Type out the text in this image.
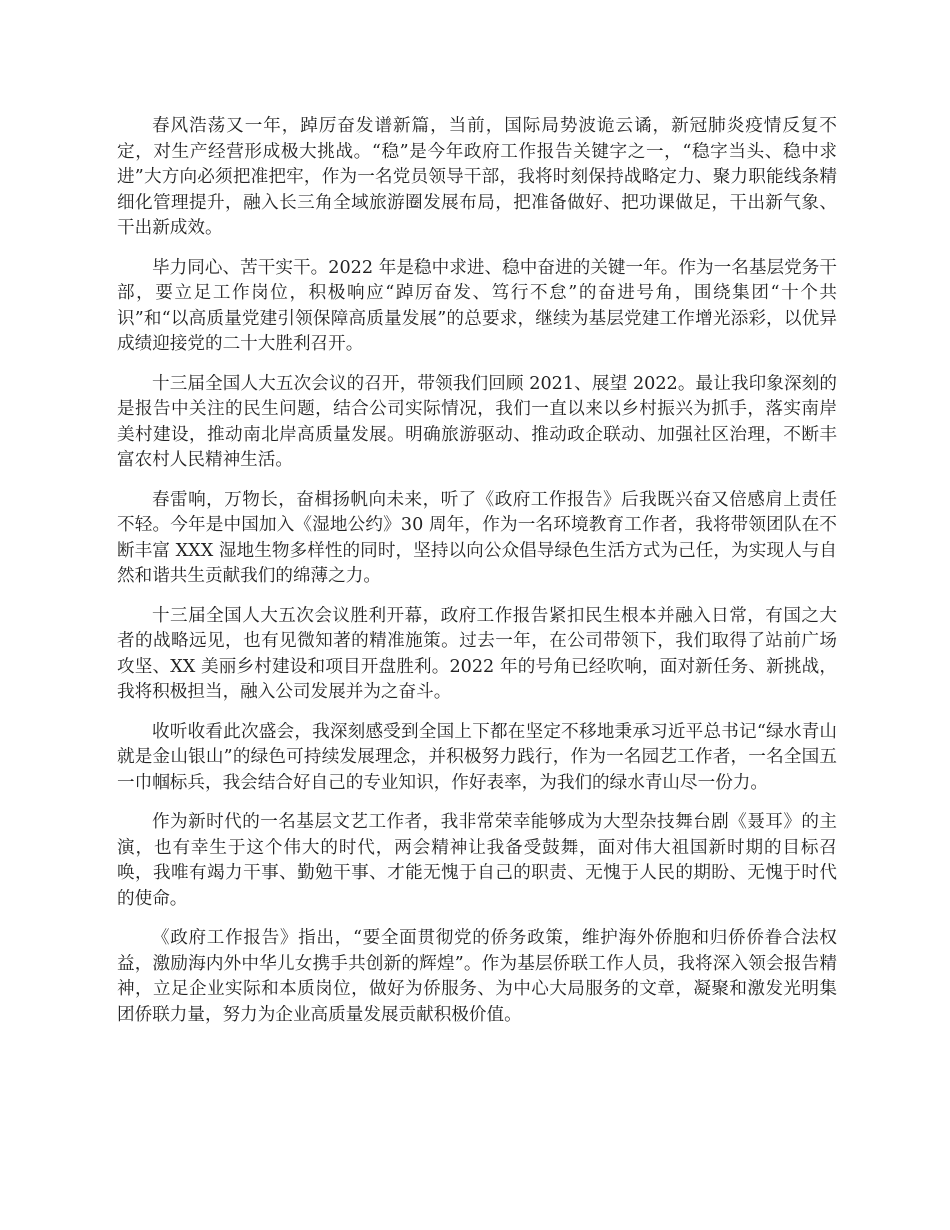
春风浩荡又一年，踔厉奋发谱新篇，当前，国际局势波诡云谲，新冠肺炎疫情反复不定，对生产经营形成极大挑战。“稳”是今年政府工作报告关键字之一，“稳字当头、稳中求进”大方向必须把准把牢，作为一名党员领导干部，我将时刻保持战略定力、聚力职能线条精细化管理提升，融入长三角全域旅游圈发展布局，把准备做好、把功课做足，干出新气象、干出新成效。

毕力同心、苦干实干。2022 年是稳中求进、稳中奋进的关键一年。作为一名基层党务干部，要立足工作岗位，积极响应“踔厉奋发、笃行不怠”的奋进号角，围绕集团“十个共识”和“以高质量党建引领保障高质量发展”的总要求，继续为基层党建工作增光添彩，以优异成绩迎接党的二十大胜利召开。

十三届全国人大五次会议的召开，带领我们回顾 2021、展望 2022。最让我印象深刻的是报告中关注的民生问题，结合公司实际情况，我们一直以来以乡村振兴为抓手，落实南岸美村建设，推动南北岸高质量发展。明确旅游驱动、推动政企联动、加强社区治理，不断丰富农村人民精神生活。

春雷响，万物长，奋楫扬帆向未来，听了《政府工作报告》后我既兴奋又倍感肩上责任不轻。今年是中国加入《湿地公约》30 周年，作为一名环境教育工作者，我将带领团队在不断丰富 XXX 湿地生物多样性的同时，坚持以向公众倡导绿色生活方式为己任，为实现人与自然和谐共生贡献我们的绵薄之力。

十三届全国人大五次会议胜利开幕，政府工作报告紧扣民生根本并融入日常，有国之大者的战略远见，也有见微知著的精准施策。过去一年，在公司带领下，我们取得了站前广场攻坚、XX 美丽乡村建设和项目开盘胜利。2022 年的号角已经吹响，面对新任务、新挑战，我将积极担当，融入公司发展并为之奋斗。

收听收看此次盛会，我深刻感受到全国上下都在坚定不移地秉承习近平总书记“绿水青山就是金山银山”的绿色可持续发展理念，并积极努力践行，作为一名园艺工作者，一名全国五一巾帼标兵，我会结合好自己的专业知识，作好表率，为我们的绿水青山尽一份力。

作为新时代的一名基层文艺工作者，我非常荣幸能够成为大型杂技舞台剧《聂耳》的主演，也有幸生于这个伟大的时代，两会精神让我备受鼓舞，面对伟大祖国新时期的目标召唤，我唯有竭力干事、勤勉干事、才能无愧于自己的职责、无愧于人民的期盼、无愧于时代的使命。

《政府工作报告》指出，“要全面贯彻党的侨务政策，维护海外侨胞和归侨侨眷合法权益，激励海内外中华儿女携手共创新的辉煌”。作为基层侨联工作人员，我将深入领会报告精神，立足企业实际和本质岗位，做好为侨服务、为中心大局服务的文章，凝聚和激发光明集团侨联力量，努力为企业高质量发展贡献积极价值。
